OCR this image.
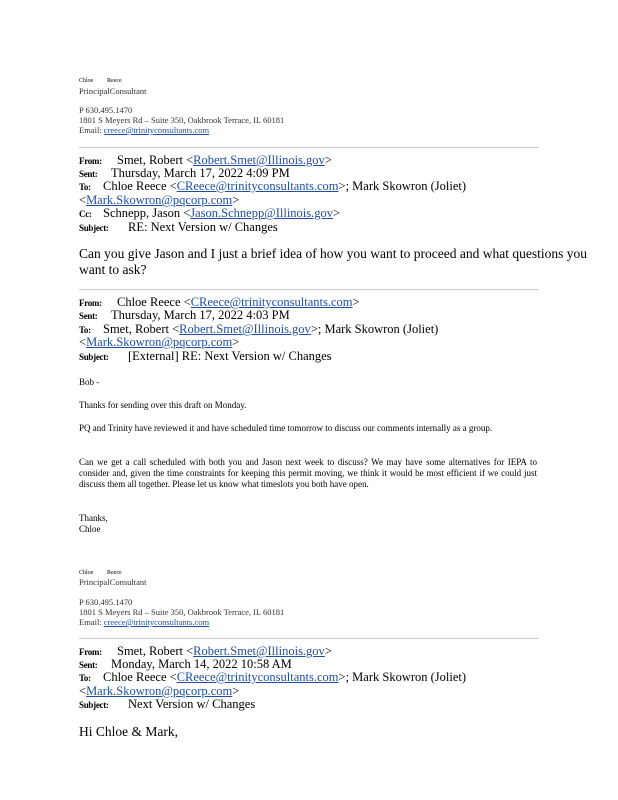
Chloe Reece
PrincipalConsultant
P 630.495.1470
1801 S Meyers Rd – Suite 350, Oakbrook Terrace, IL 60181
Email: creece@trinityconsultants.com
From: Smet, Robert <Robert.Smet@Illinois.gov>
Sent: Thursday, March 17, 2022 4:09 PM
To: Chloe Reece <CReece@trinityconsultants.com>; Mark Skowron (Joliet)
<Mark.Skowron@pqcorp.com>
Cc: Schnepp, Jason <Jason.Schnepp@Illinois.gov>
Subject: RE: Next Version w/ Changes
Can you give Jason and I just a brief idea of how you want to proceed and what questions you want to ask?
From: Chloe Reece <CReece@trinityconsultants.com>
Sent: Thursday, March 17, 2022 4:03 PM
To: Smet, Robert <Robert.Smet@Illinois.gov>; Mark Skowron (Joliet)
<Mark.Skowron@pqcorp.com>
Subject: [External] RE: Next Version w/ Changes
Bob -
Thanks for sending over this draft on Monday.
PQ and Trinity have reviewed it and have scheduled time tomorrow to discuss our comments internally as a group.
Can we get a call scheduled with both you and Jason next week to discuss? We may have some alternatives for IEPA to consider and, given the time constraints for keeping this permit moving, we think it would be most efficient if we could just discuss them all together. Please let us know what timeslots you both have open.
Thanks,
Chloe
Chloe Reece
PrincipalConsultant
P 630.495.1470
1801 S Meyers Rd – Suite 350, Oakbrook Terrace, IL 60181
Email: creece@trinityconsultants.com
From: Smet, Robert <Robert.Smet@Illinois.gov>
Sent: Monday, March 14, 2022 10:58 AM
To: Chloe Reece <CReece@trinityconsultants.com>; Mark Skowron (Joliet)
<Mark.Skowron@pqcorp.com>
Subject: Next Version w/ Changes
Hi Chloe & Mark,
